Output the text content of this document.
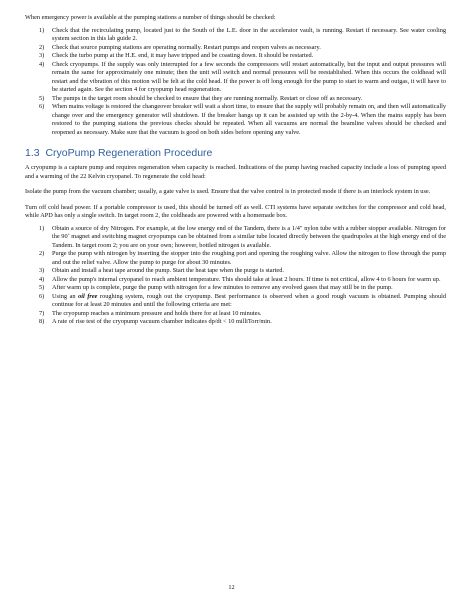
When emergency power is available at the pumping stations a number of things should be checked:

1) Check that the recirculating pump, located just to the South of the L.E. door in the accelerator vault, is running. Restart if necessary. See water cooling system section in this lab guide 2.
2) Check that source pumping stations are operating normally. Restart pumps and reopen valves as necessary.
3) Check the turbo pump at the H.E. end, it may have tripped and be coasting down. It should be restarted.
4) Check cryopumps. If the supply was only interrupted for a few seconds the compressors will restart automatically, but the input and output pressures will remain the same for approximately one minute; then the unit will switch and normal pressures will be reestablished. When this occurs the coldhead will restart and the vibration of this motion will be felt at the cold head. If the power is off long enough for the pump to start to warm and outgas, it will have to be started again. See the section 4 for cryopump head regeneration.
5) The pumps in the target room should be checked to ensure that they are running normally. Restart or close off as necessary.
6) When mains voltage is restored the changeover breaker will wait a short time, to ensure that the supply will probably remain on, and then will automatically change over and the emergency generator will shutdown. If the breaker hangs up it can be assisted up with the 2-by-4. When the mains supply has been restored to the pumping stations the previous checks should be repeated. When all vacuums are normal the beamline valves should be checked and reopened as necessary. Make sure that the vacuum is good on both sides before opening any valve.
1.3 CryoPump Regeneration Procedure

A cryopump is a capture pump and requires regeneration when capacity is reached. Indications of the pump having reached capacity include a loss of pumping speed and a warming of the 22 Kelvin cryopanel. To regenerate the cold head:

Isolate the pump from the vacuum chamber; usually, a gate valve is used. Ensure that the valve control is in protected mode if there is an interlock system in use.

Turn off cold head power. If a portable compressor is used, this should be turned off as well. CTI systems have separate switches for the compressor and cold head, while APD has only a single switch. In target room 2, the coldheads are powered with a homemade box.

1) Obtain a source of dry Nitrogen. For example, at the low energy end of the Tandem, there is a 1/4" nylon tube with a rubber stopper available. Nitrogen for the 90˚ magnet and switching magnet cryopumps can be obtained from a similar tube located directly between the quadrupoles at the high energy end of the Tandem. In target room 2; you are on your own; however, bottled nitrogen is available.
2) Purge the pump with nitrogen by inserting the stopper into the roughing port and opening the roughing valve. Allow the nitrogen to flow through the pump and out the relief valve. Allow the pump to purge for about 30 minutes.
3) Obtain and install a heat tape around the pump. Start the heat tape when the purge is started.
4) Allow the pump's internal cryopanel to reach ambient temperature. This should take at least 2 hours. If time is not critical, allow 4 to 6 hours for warm up.
5) After warm up is complete, purge the pump with nitrogen for a few minutes to remove any evolved gases that may still be in the pump.
6) Using an oil free roughing system, rough out the cryopump. Best performance is observed when a good rough vacuum is obtained. Pumping should continue for at least 20 minutes and until the following criteria are met:
7) The cryopump reaches a minimum pressure and holds there for at least 10 minutes.
8) A rate of rise test of the cryopump vacuum chamber indicates dp/dt < 10 milliTorr/min.
12
